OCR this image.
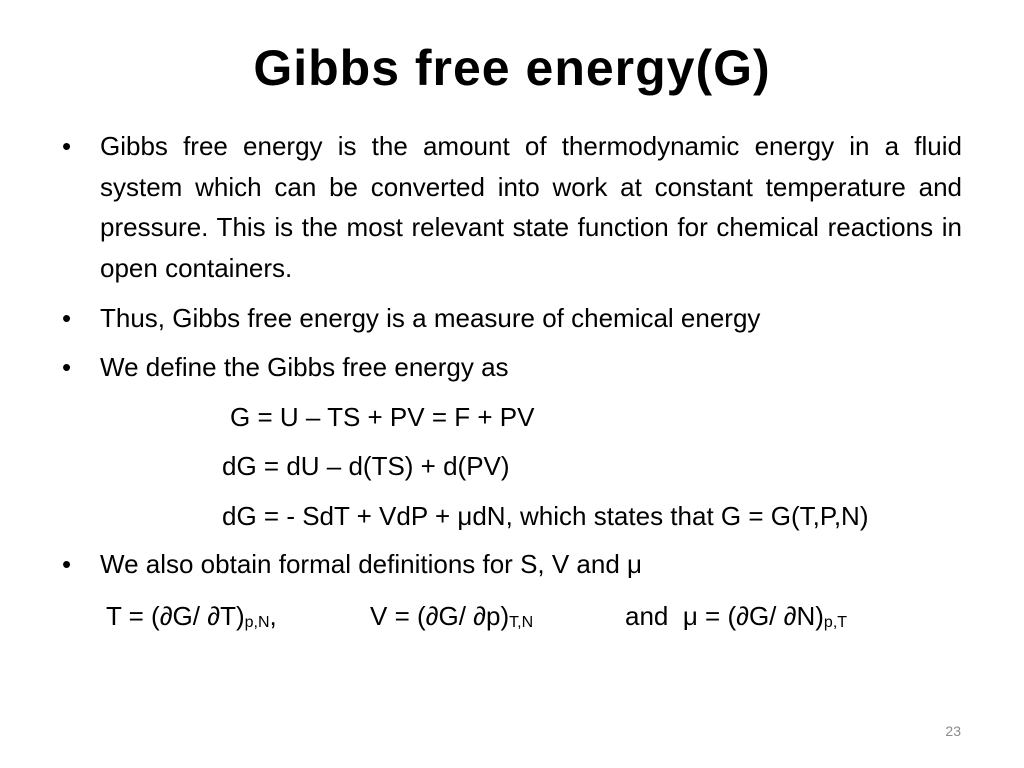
Gibbs free energy(G)
•	Gibbs free energy is the amount of thermodynamic energy in a fluid system which can be converted into work at constant temperature and pressure. This is the most relevant state function for chemical reactions in open containers.
•	Thus, Gibbs free energy is a measure of chemical energy
•	We define the Gibbs free energy as
G = U – TS + PV = F + PV
dG = dU – d(TS) + d(PV)
dG = - SdT + VdP + μdN, which states that G = G(T,P,N)
•	We also obtain formal definitions for S, V and μ
T = (∂G/ $\partial T)_{p,N}$,	V = (∂G/ $\partial p)_{T,N}$	and μ = (∂G/ $\partial N)_{p,T}$
23
